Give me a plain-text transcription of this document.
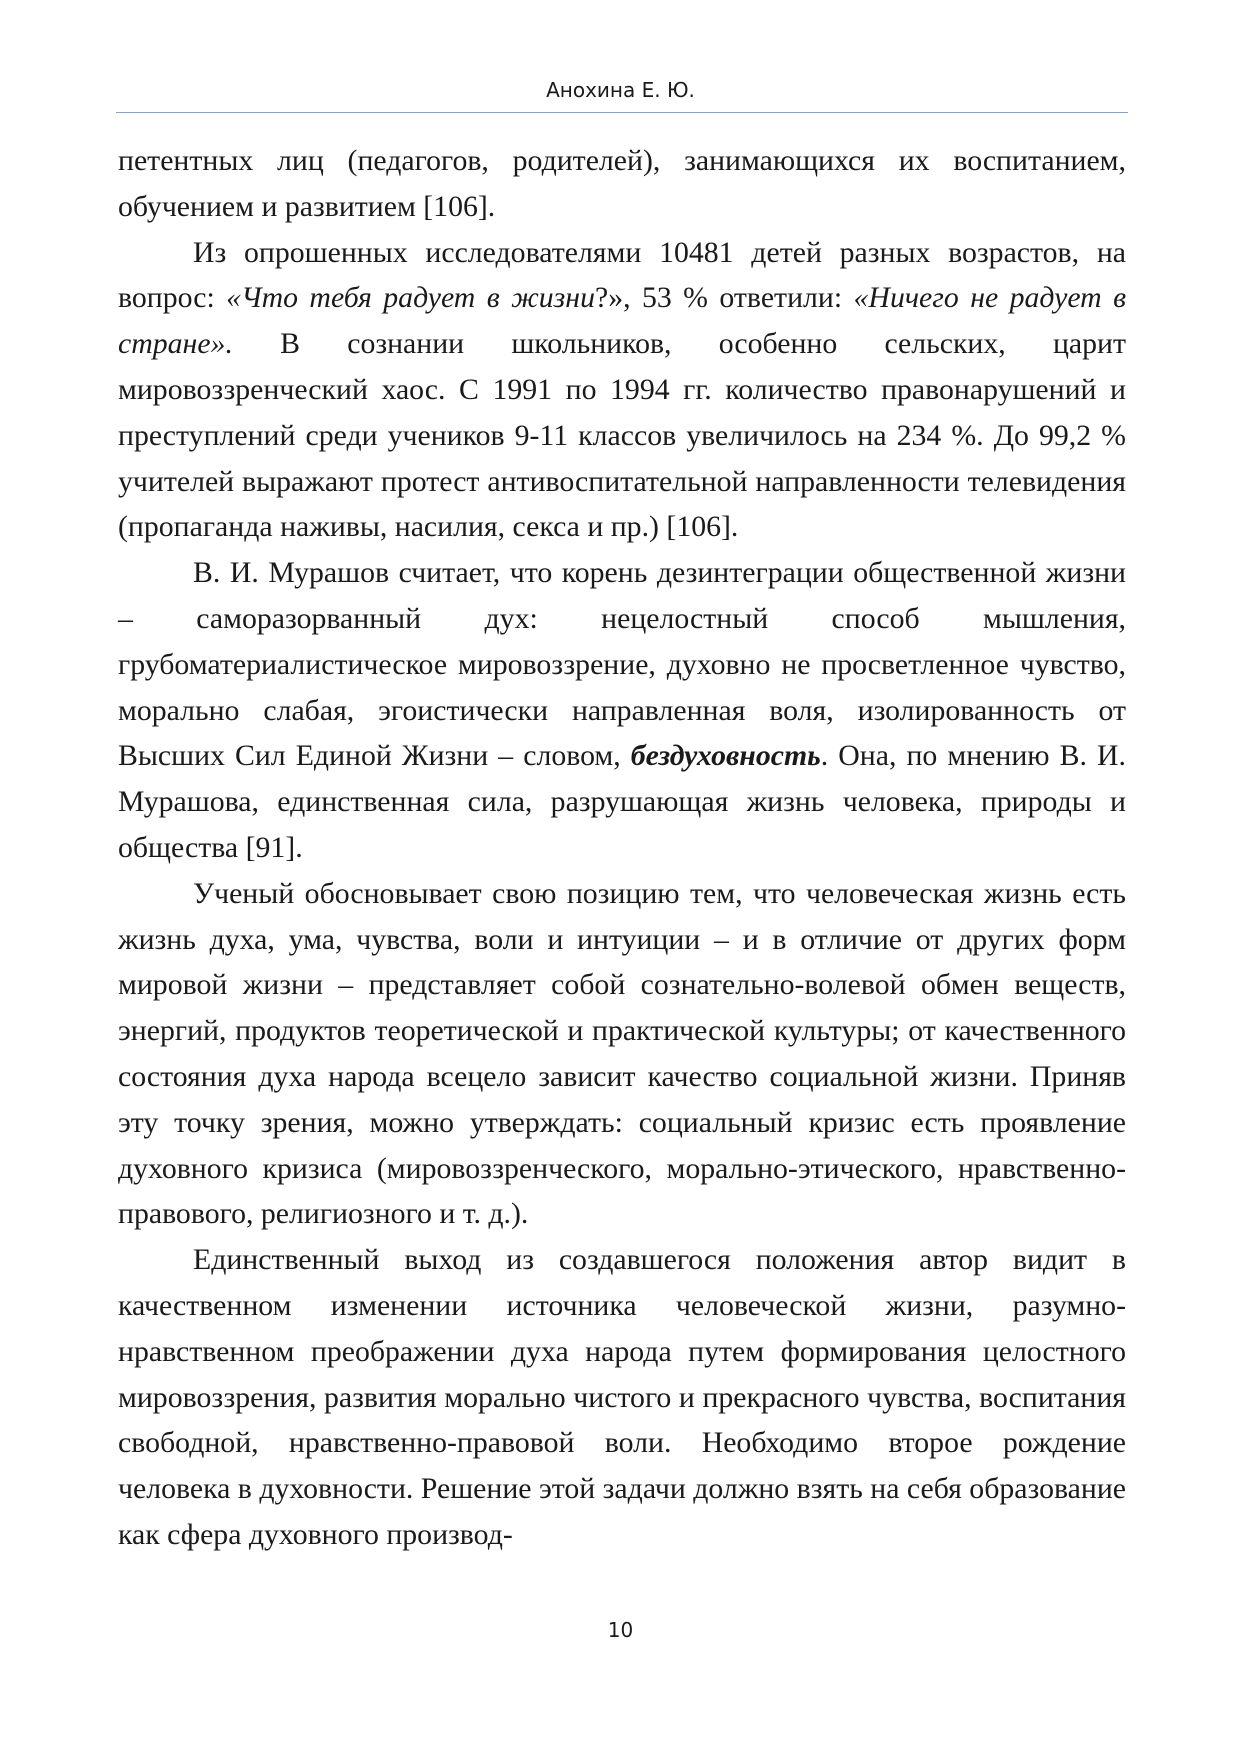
Анохина Е. Ю.

петентных лиц (педагогов, родителей), занимающихся их воспитанием, обучением и развитием [106].

Из опрошенных исследователями 10481 детей разных возрастов, на вопрос: «Что тебя радует в жизни?», 53 % ответили: «Ничего не радует в стране». В сознании школьников, особенно сельских, царит мировоззренческий хаос. С 1991 по 1994 гг. количество правонарушений и преступлений среди учеников 9-11 классов увеличилось на 234 %. До 99,2 % учителей выражают протест антивоспитательной направленности телевидения (пропаганда наживы, насилия, секса и пр.) [106].

В. И. Мурашов считает, что корень дезинтеграции общественной жизни – саморазорванный дух: нецелостный способ мышления, грубоматериалистическое мировоззрение, духовно не просветленное чувство, морально слабая, эгоистически направленная воля, изолированность от Высших Сил Единой Жизни – словом, бездуховность. Она, по мнению В. И. Мурашова, единственная сила, разрушающая жизнь человека, природы и общества [91].

Ученый обосновывает свою позицию тем, что человеческая жизнь есть жизнь духа, ума, чувства, воли и интуиции – и в отличие от других форм мировой жизни – представляет собой сознательно-волевой обмен веществ, энергий, продуктов теоретической и практической культуры; от качественного состояния духа народа всецело зависит качество социальной жизни. Приняв эту точку зрения, можно утверждать: социальный кризис есть проявление духовного кризиса (мировоззренческого, морально-этического, нравственно-правового, религиозного и т. д.).

Единственный выход из создавшегося положения автор видит в качественном изменении источника человеческой жизни, разумно-нравственном преображении духа народа путем формирования целостного мировоззрения, развития морально чистого и прекрасного чувства, воспитания свободной, нравственно-правовой воли. Необходимо второе рождение человека в духовности. Решение этой задачи должно взять на себя образование как сфера духовного производ-

10
